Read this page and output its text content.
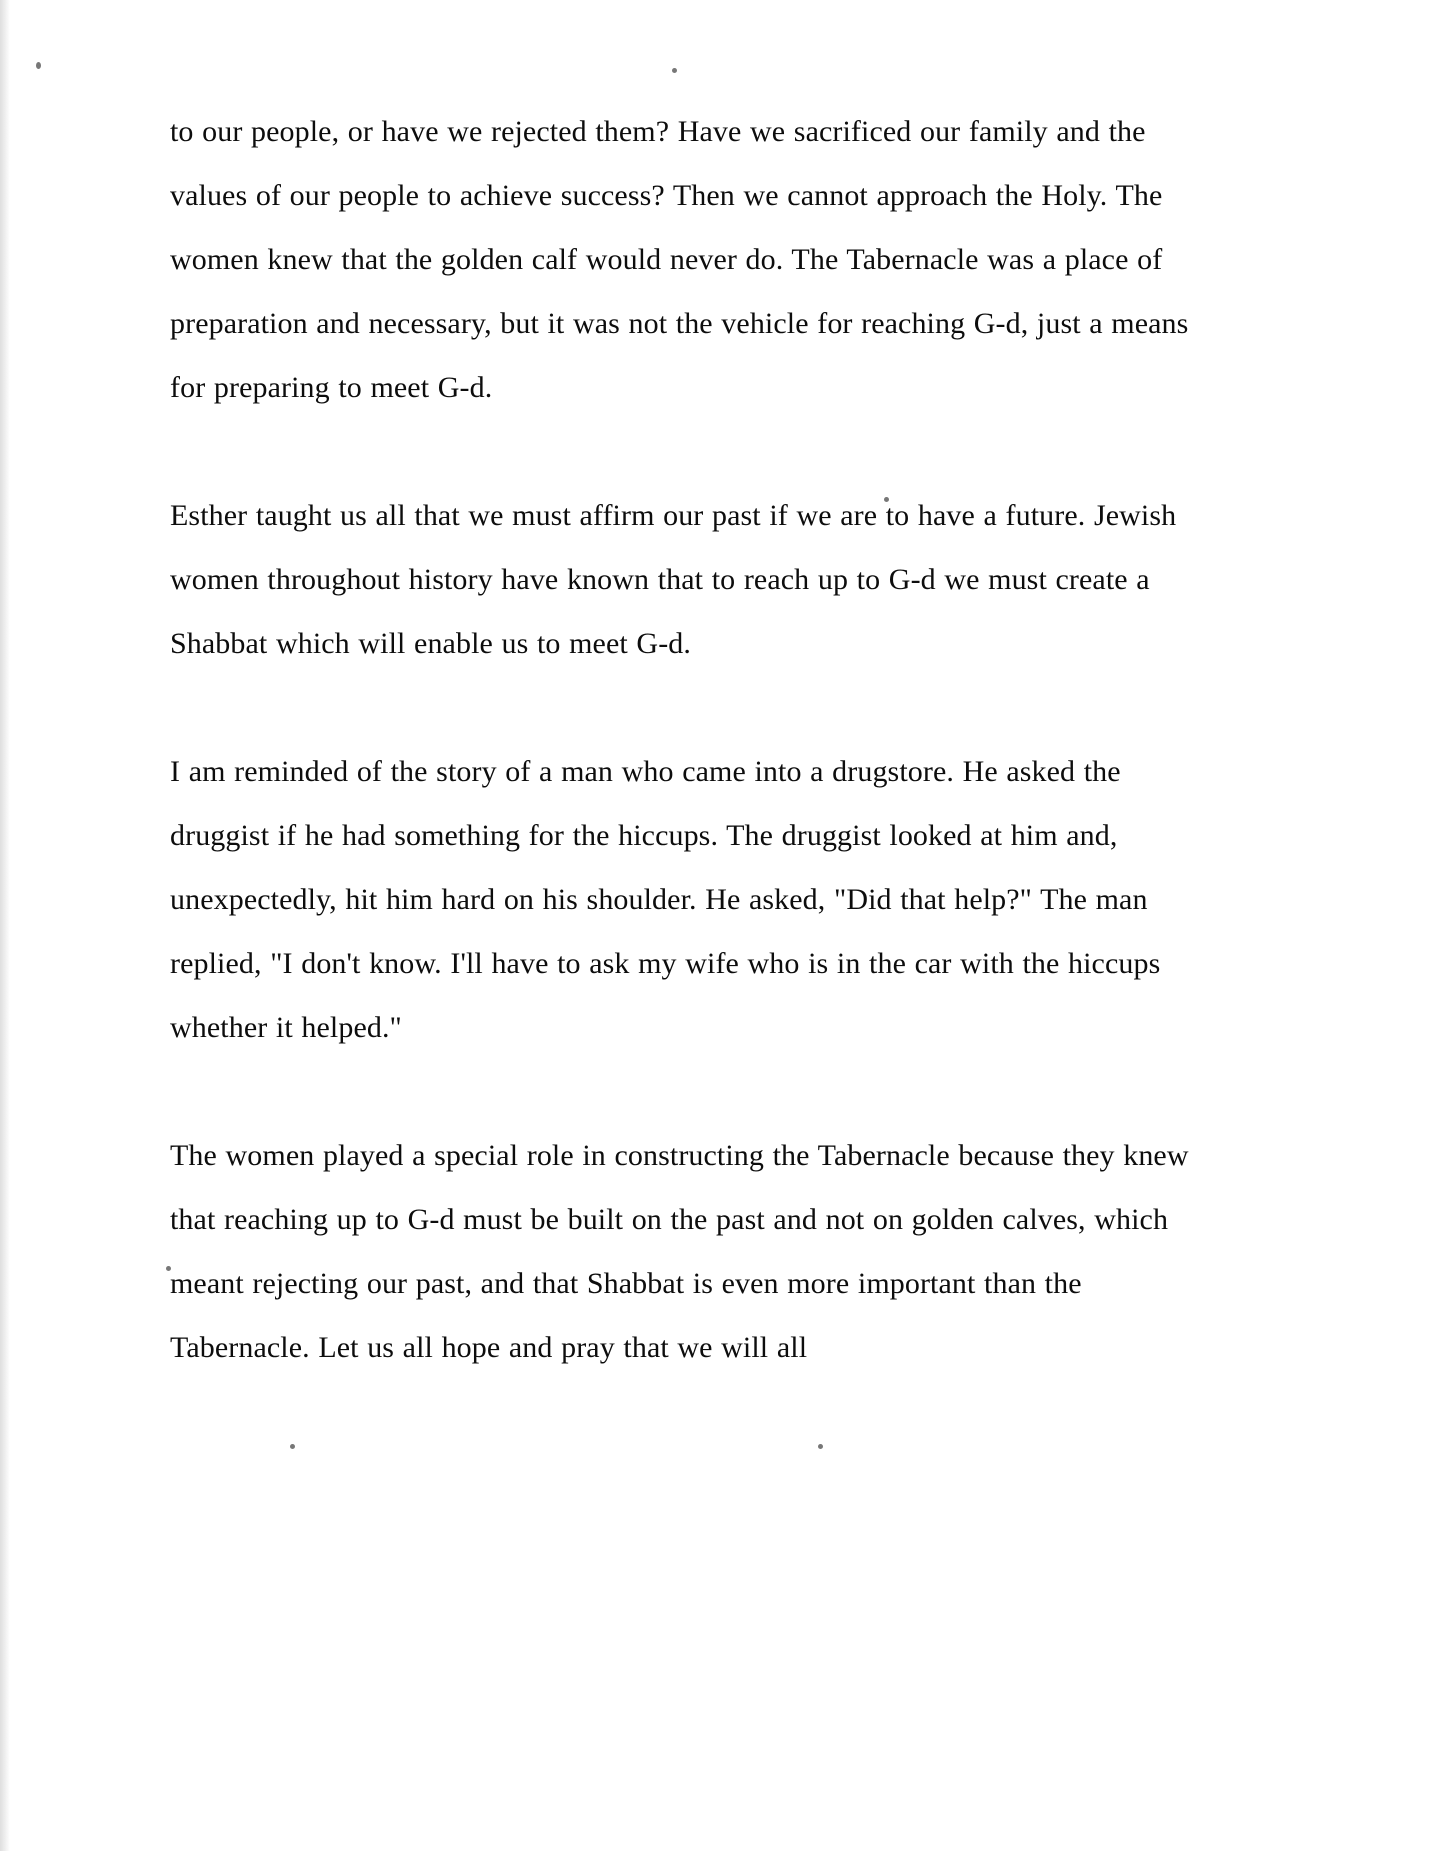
to our people, or have we rejected them? Have we sacrificed our family and the values of our people to achieve success? Then we cannot approach the Holy. The women knew that the golden calf would never do. The Tabernacle was a place of preparation and necessary, but it was not the vehicle for reaching G-d, just a means for preparing to meet G-d.

Esther taught us all that we must affirm our past if we are to have a future. Jewish women throughout history have known that to reach up to G-d we must create a Shabbat which will enable us to meet G-d.

I am reminded of the story of a man who came into a drugstore. He asked the druggist if he had something for the hiccups. The druggist looked at him and, unexpectedly, hit him hard on his shoulder. He asked, "Did that help?" The man replied, "I don't know. I'll have to ask my wife who is in the car with the hiccups whether it helped."

The women played a special role in constructing the Tabernacle because they knew that reaching up to G-d must be built on the past and not on golden calves, which meant rejecting our past, and that Shabbat is even more important than the Tabernacle. Let us all hope and pray that we will all
